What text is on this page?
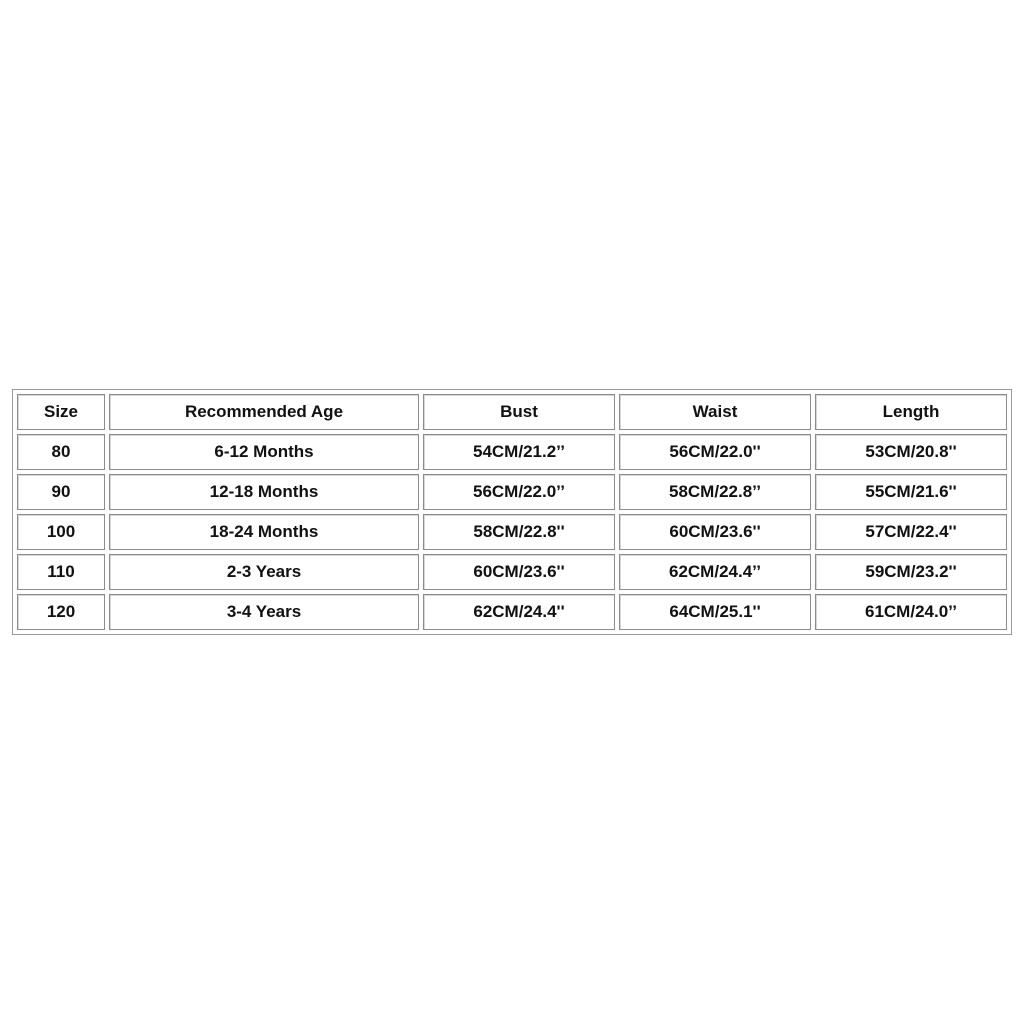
Size	Recommended Age	Bust	Waist	Length
80	6-12 Months	54CM/21.2’’	56CM/22.0''	53CM/20.8''
90	12-18 Months	56CM/22.0’’	58CM/22.8’’	55CM/21.6''
100	18-24 Months	58CM/22.8''	60CM/23.6''	57CM/22.4''
110	2-3 Years	60CM/23.6''	62CM/24.4’’	59CM/23.2''
120	3-4 Years	62CM/24.4''	64CM/25.1''	61CM/24.0’’
